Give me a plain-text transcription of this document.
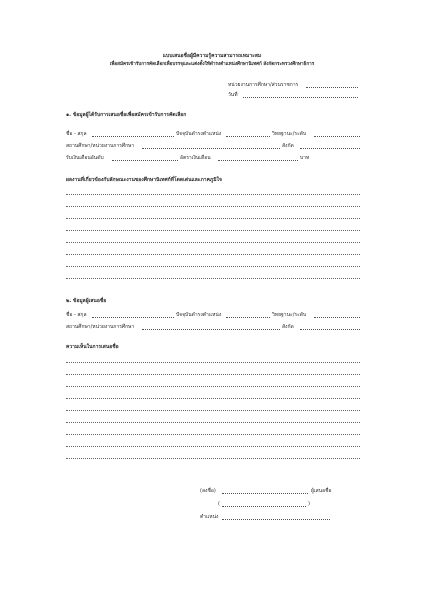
แบบเสนอชื่อผู้มีความรู้ความสามารถเหมาะสม
เพื่อสมัครเข้ารับการคัดเลือกเพื่อบรรจุและแต่งตั้งให้ดำรงตำแหน่งศึกษานิเทศก์ สังกัดกระทรวงศึกษาธิการ
หน่วยงานการศึกษา/ส่วนราชการ
วันที่
๑. ข้อมูลผู้ได้รับการเสนอชื่อเพื่อสมัครเข้ารับการคัดเลือก
ชื่อ - สกุล	ปัจจุบันดำรงตำแหน่ง	วิทยฐานะ/ระดับ
สถานศึกษา/หน่วยงานการศึกษา	สังกัด
รับเงินเดือนอันดับ	อัตราเงินเดือน	บาท
ผลงานที่เกี่ยวข้องกับลักษณะงานของศึกษานิเทศก์ที่โดดเด่นและภาคภูมิใจ
๒. ข้อมูลผู้เสนอชื่อ
ชื่อ - สกุล	ปัจจุบันดำรงตำแหน่ง	วิทยฐานะ/ระดับ
สถานศึกษา/หน่วยงานการศึกษา	สังกัด
ความเห็นในการเสนอชื่อ
(ลงชื่อ)	ผู้เสนอชื่อ
(	)
ตำแหน่ง
